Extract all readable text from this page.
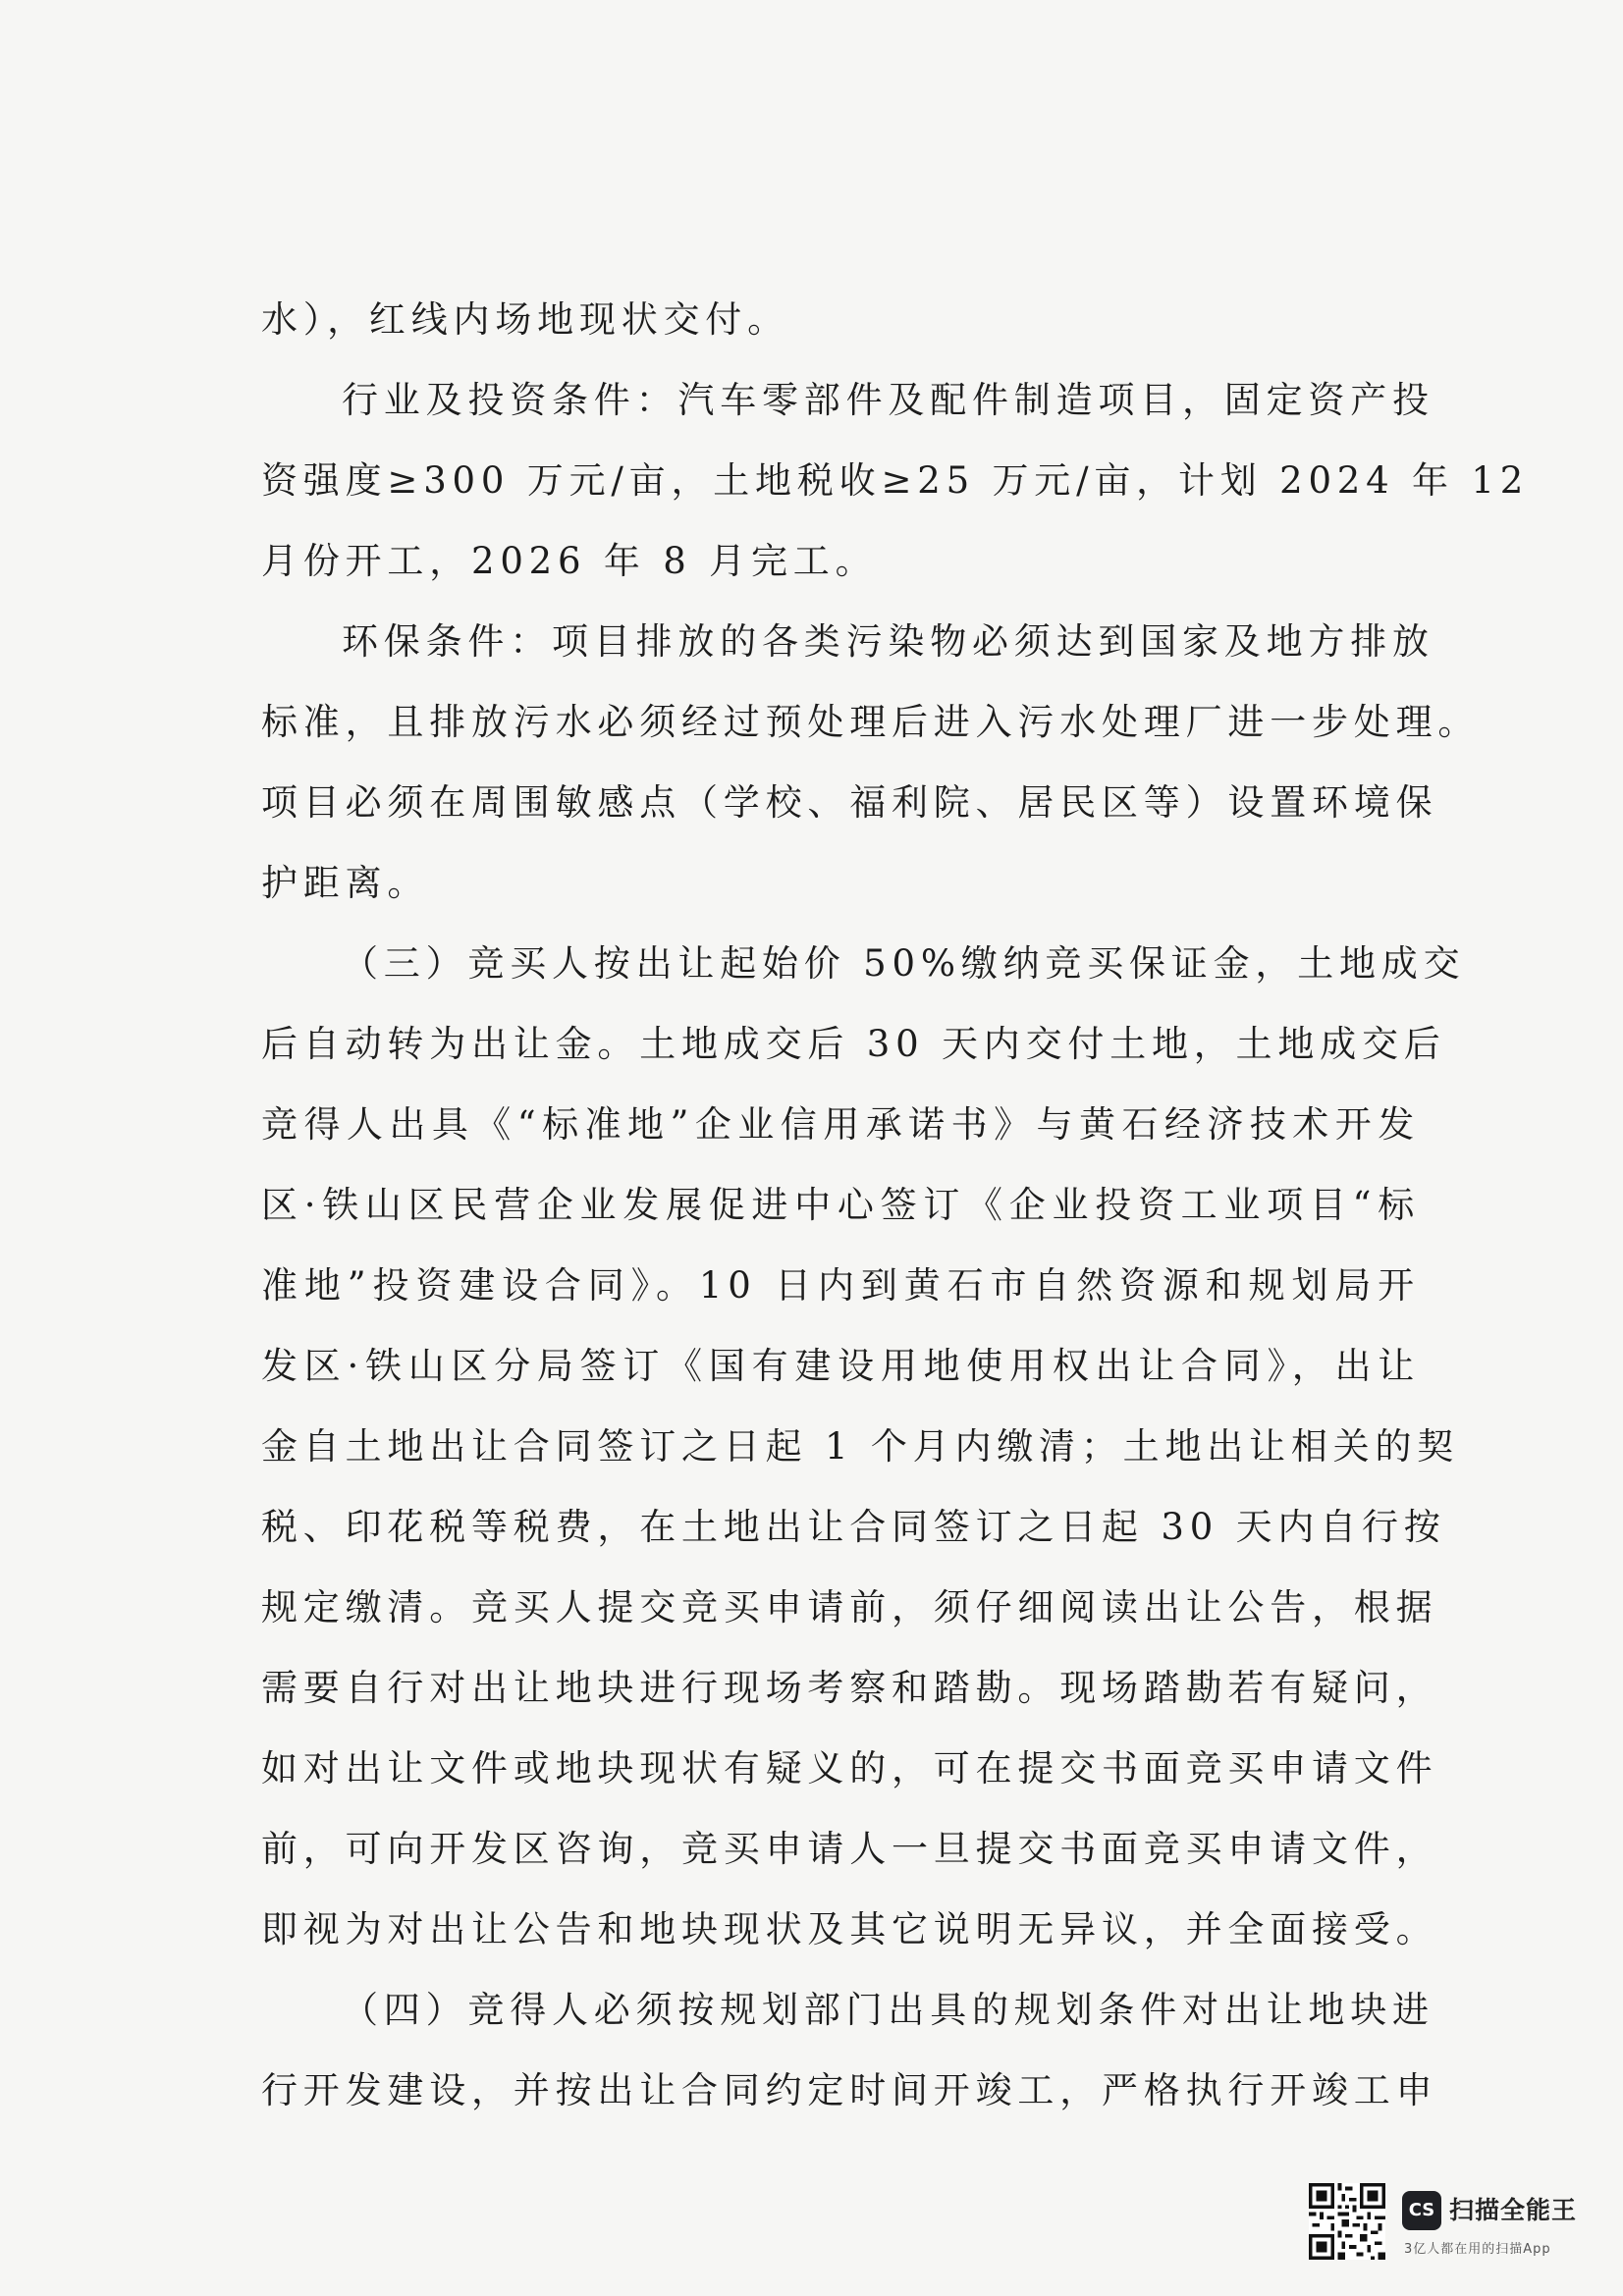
水），红线内场地现状交付。
行业及投资条件：汽车零部件及配件制造项目，固定资产投
资强度≥300 万元/亩，土地税收≥25 万元/亩，计划 2024 年 12
月份开工，2026 年 8 月完工。
环保条件：项目排放的各类污染物必须达到国家及地方排放
标准，且排放污水必须经过预处理后进入污水处理厂进一步处理。
项目必须在周围敏感点（学校、福利院、居民区等）设置环境保
护距离。
（三）竞买人按出让起始价 50%缴纳竞买保证金，土地成交
后自动转为出让金。土地成交后 30 天内交付土地，土地成交后
竞得人出具《“标准地”企业信用承诺书》与黄石经济技术开发
区·铁山区民营企业发展促进中心签订《企业投资工业项目“标
准地”投资建设合同》。10 日内到黄石市自然资源和规划局开
发区·铁山区分局签订《国有建设用地使用权出让合同》，出让
金自土地出让合同签订之日起 1 个月内缴清；土地出让相关的契
税、印花税等税费，在土地出让合同签订之日起 30 天内自行按
规定缴清。竞买人提交竞买申请前，须仔细阅读出让公告，根据
需要自行对出让地块进行现场考察和踏勘。现场踏勘若有疑问，
如对出让文件或地块现状有疑义的，可在提交书面竞买申请文件
前，可向开发区咨询，竞买申请人一旦提交书面竞买申请文件，
即视为对出让公告和地块现状及其它说明无异议，并全面接受。
（四）竞得人必须按规划部门出具的规划条件对出让地块进
行开发建设，并按出让合同约定时间开竣工，严格执行开竣工申
CS 扫描全能王
3亿人都在用的扫描App
